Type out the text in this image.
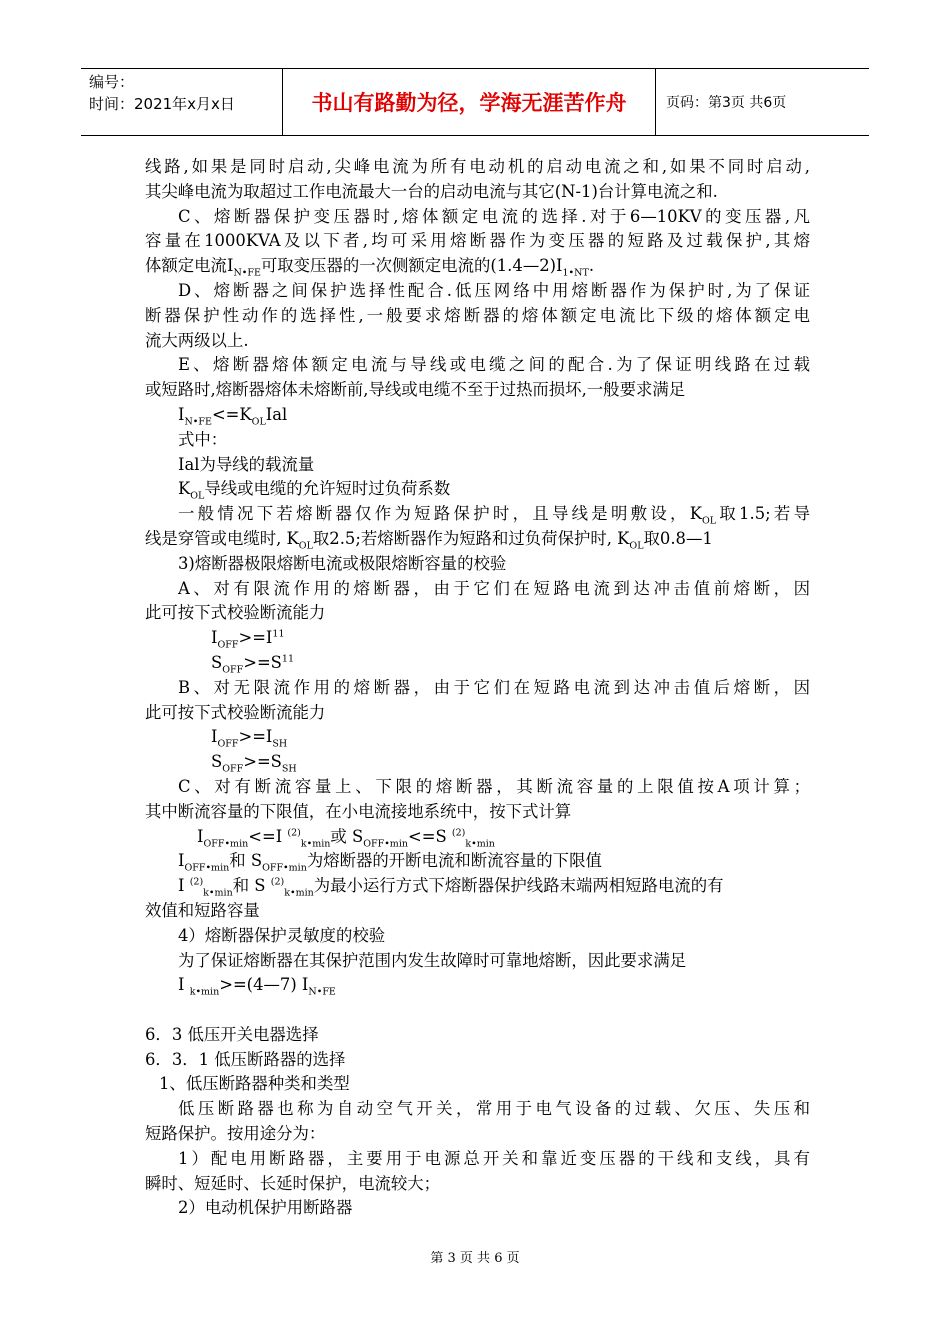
编号：
时间：2021年x月x日	书山有路勤为径，学海无涯苦作舟	页码：第3页 共6页

线路,如果是同时启动,尖峰电流为所有电动机的启动电流之和,如果不同时启动,

其尖峰电流为取超过工作电流最大一台的启动电流与其它(N-1)台计算电流之和.

C、熔断器保护变压器时,熔体额定电流的选择.对于6—10KV的变压器,凡

容量在1000KVA及以下者,均可采用熔断器作为变压器的短路及过载保护,其熔

体额定电流$I_{N•FE}$可取变压器的一次侧额定电流的$(1.4—2)I_{1•NT}$.

D、熔断器之间保护选择性配合.低压网络中用熔断器作为保护时,为了保证

断器保护性动作的选择性,一般要求熔断器的熔体额定电流比下级的熔体额定电

流大两级以上.

E、熔断器熔体额定电流与导线或电缆之间的配合.为了保证明线路在过载

或短路时,熔断器熔体未熔断前,导线或电缆不至于过热而损坏,一般要求满足

$I_{N•FE}<=K_{OL}Ial$

式中：

Ial为导线的载流量

$K_{OL}$导线或电缆的允许短时过负荷系数

一般情况下若熔断器仅作为短路保护时，且导线是明敷设，$K_{OL}$取1.5;若导

线是穿管或电缆时, $K_{OL}$取2.5;若熔断器作为短路和过负荷保护时, $K_{OL}$取0.8—1

3)熔断器极限熔断电流或极限熔断容量的校验

A、对有限流作用的熔断器，由于它们在短路电流到达冲击值前熔断，因

此可按下式校验断流能力

$I_{OFF}>=I^{11}$

$S_{OFF}>=S^{11}$

B、对无限流作用的熔断器，由于它们在短路电流到达冲击值后熔断，因

此可按下式校验断流能力

$I_{OFF}>=I_{SH}$

$S_{OFF}>=S_{SH}$

C、对有断流容量上、下限的熔断器，其断流容量的上限值按A项计算；

其中断流容量的下限值，在小电流接地系统中，按下式计算

$I_{OFF•min}<=I$ $^{(2)}_{k•min}$或 $S_{OFF•min}<=S$ $^{(2)}_{k•min}$

$I_{OFF•min}$和 $S_{OFF•min}$为熔断器的开断电流和断流容量的下限值

I $^{(2)}_{k•min}$和 S $^{(2)}_{k•min}$为最小运行方式下熔断器保护线路末端两相短路电流的有

效值和短路容量

4）熔断器保护灵敏度的校验

为了保证熔断器在其保护范围内发生故障时可靠地熔断，因此要求满足

I $_{k•min}$>=(4—7) $I_{N•FE}$

6．3 低压开关电器选择

6．3．1 低压断路器的选择

1、低压断路器种类和类型

低压断路器也称为自动空气开关，常用于电气设备的过载、欠压、失压和

短路保护。按用途分为：

1）配电用断路器，主要用于电源总开关和靠近变压器的干线和支线，具有

瞬时、短延时、长延时保护，电流较大；

2）电动机保护用断路器

第 3 页 共 6 页
